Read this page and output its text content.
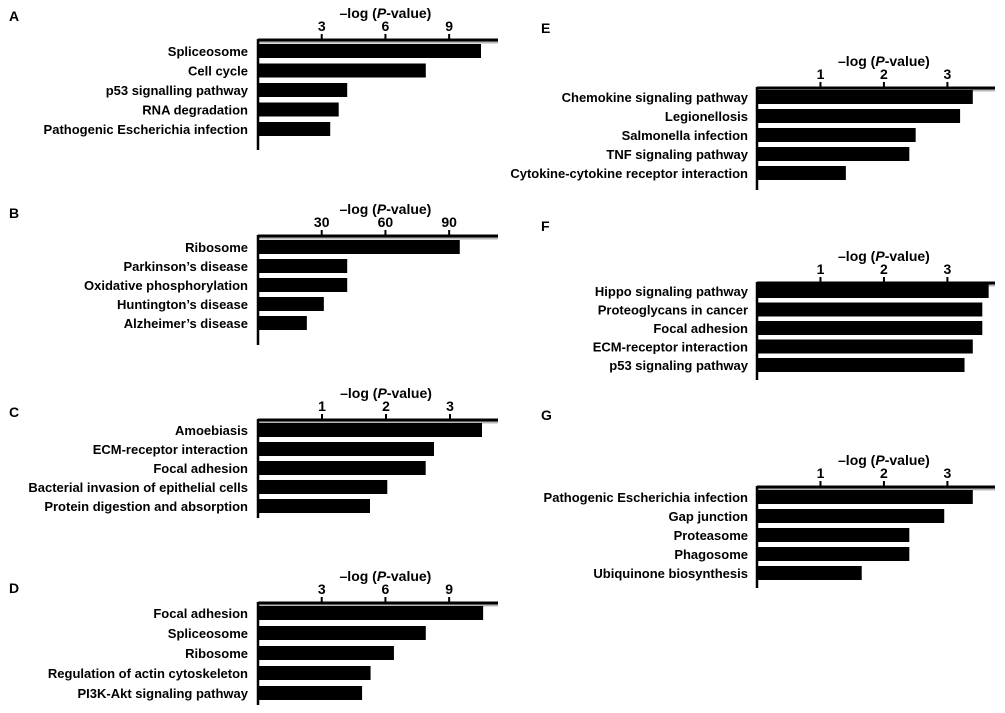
A	–log (P-value)
3	6	9
Spliceosome
Cell cycle
p53 signalling pathway
RNA degradation
Pathogenic Escherichia infection
B	–log (P-value)
30	60	90
Ribosome
Parkinson’s disease
Oxidative phosphorylation
Huntington’s disease
Alzheimer’s disease
C
–log (P-value)
1	2	3
Amoebiasis
ECM-receptor interaction
Focal adhesion
Bacterial invasion of epithelial cells
Protein digestion and absorption
D
–log (P-value)
3	6	9
Focal adhesion
Spliceosome
Ribosome
Regulation of actin cytoskeleton
PI3K-Akt signaling pathway
E
–log (P-value)
1	2	3
Chemokine signaling pathway
Legionellosis
Salmonella infection
TNF signaling pathway
Cytokine-cytokine receptor interaction
F
–log (P-value)
1	2	3
Hippo signaling pathway
Proteoglycans in cancer
Focal adhesion
ECM-receptor interaction
p53 signaling pathway
G
–log (P-value)
1	2	3
Pathogenic Escherichia infection
Gap junction
Proteasome
Phagosome
Ubiquinone biosynthesis
